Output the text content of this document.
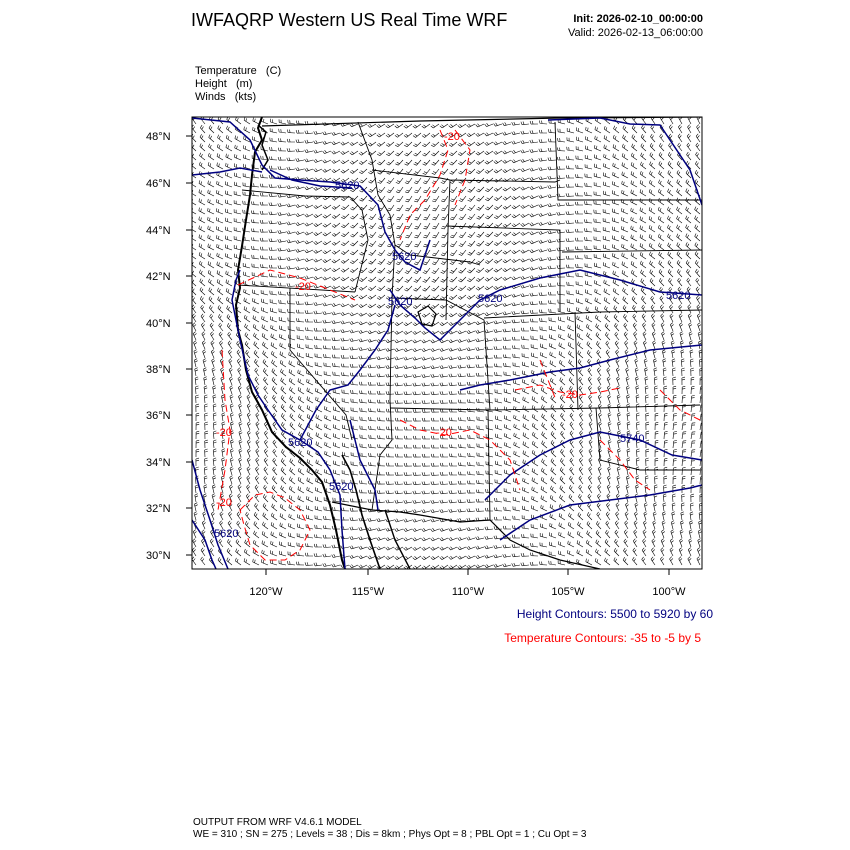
IWFAQRP Western US Real Time WRF	Init: 2026-02-10_00:00:00
Valid: 2026-02-13_06:00:00
Temperature   (C)
Height   (m)
Winds   (kts)
5620
5620
5620	5620	5620
5620
5620
5620
5740
-20
-20
-20
-20	-20
-20
48°N
46°N
44°N
42°N
40°N
38°N
36°N
34°N
32°N
30°N
120°W	115°W	110°W	105°W	100°W
Height Contours: 5500 to 5920 by 60
Temperature Contours: -35 to -5 by 5
OUTPUT FROM WRF V4.6.1 MODEL
WE = 310 ; SN = 275 ; Levels = 38 ; Dis = 8km ; Phys Opt = 8 ; PBL Opt = 1 ; Cu Opt = 3
